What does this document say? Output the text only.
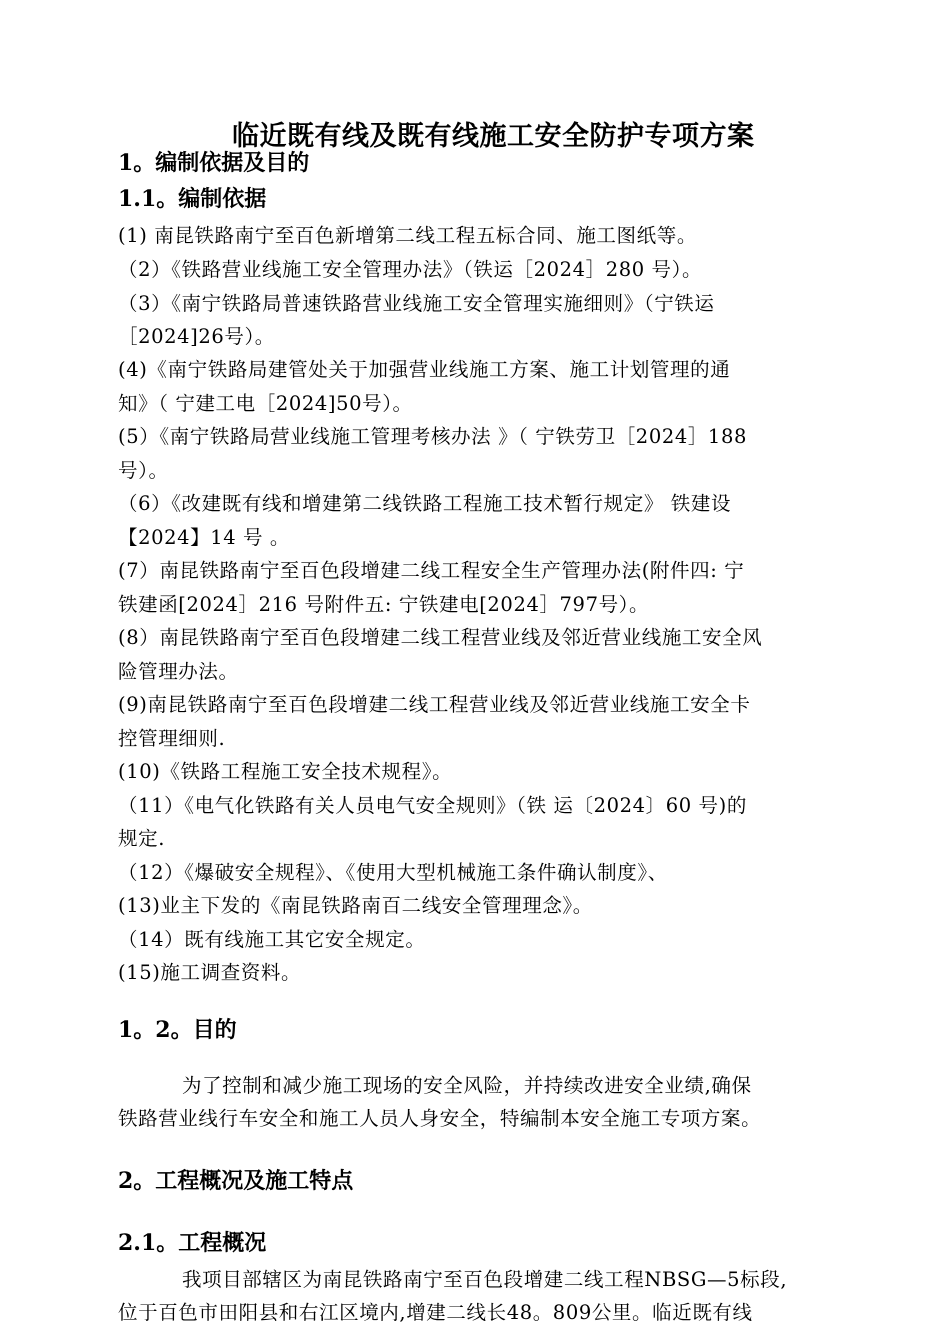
临近既有线及既有线施工安全防护专项方案
1。编制依据及目的
1.1。编制依据
(1) 南昆铁路南宁至百色新增第二线工程五标合同、施工图纸等。
（2）《铁路营业线施工安全管理办法》（铁运［2024］280 号）。
（3）《南宁铁路局普速铁路营业线施工安全管理实施细则》（宁铁运
［2024]26号）。
(4)《南宁铁路局建管处关于加强营业线施工方案、施工计划管理的通
知》（ 宁建工电［2024]50号）。
(5）《南宁铁路局营业线施工管理考核办法 》（ 宁铁劳卫［2024］188
号）。
（6）《改建既有线和增建第二线铁路工程施工技术暂行规定》 铁建设
【2024】14 号 。
(7）南昆铁路南宁至百色段增建二线工程安全生产管理办法(附件四: 宁
铁建函[2024］216 号附件五: 宁铁建电[2024］797号）。
(8）南昆铁路南宁至百色段增建二线工程营业线及邻近营业线施工安全风
险管理办法。
(9)南昆铁路南宁至百色段增建二线工程营业线及邻近营业线施工安全卡
控管理细则.
(10)《铁路工程施工安全技术规程》。
（11）《电气化铁路有关人员电气安全规则》（铁 运〔2024〕60 号)的
规定.
（12）《爆破安全规程》、《使用大型机械施工条件确认制度》、
(13)业主下发的《南昆铁路南百二线安全管理理念》。
（14）既有线施工其它安全规定。
(15)施工调查资料。
1。2。目的
为了控制和减少施工现场的安全风险，并持续改进安全业绩,确保
铁路营业线行车安全和施工人员人身安全，特编制本安全施工专项方案。
2。工程概况及施工特点
2.1。工程概况
我项目部辖区为南昆铁路南宁至百色段增建二线工程NBSG—5标段,
位于百色市田阳县和右江区境内,增建二线长48。809公里。临近既有线
